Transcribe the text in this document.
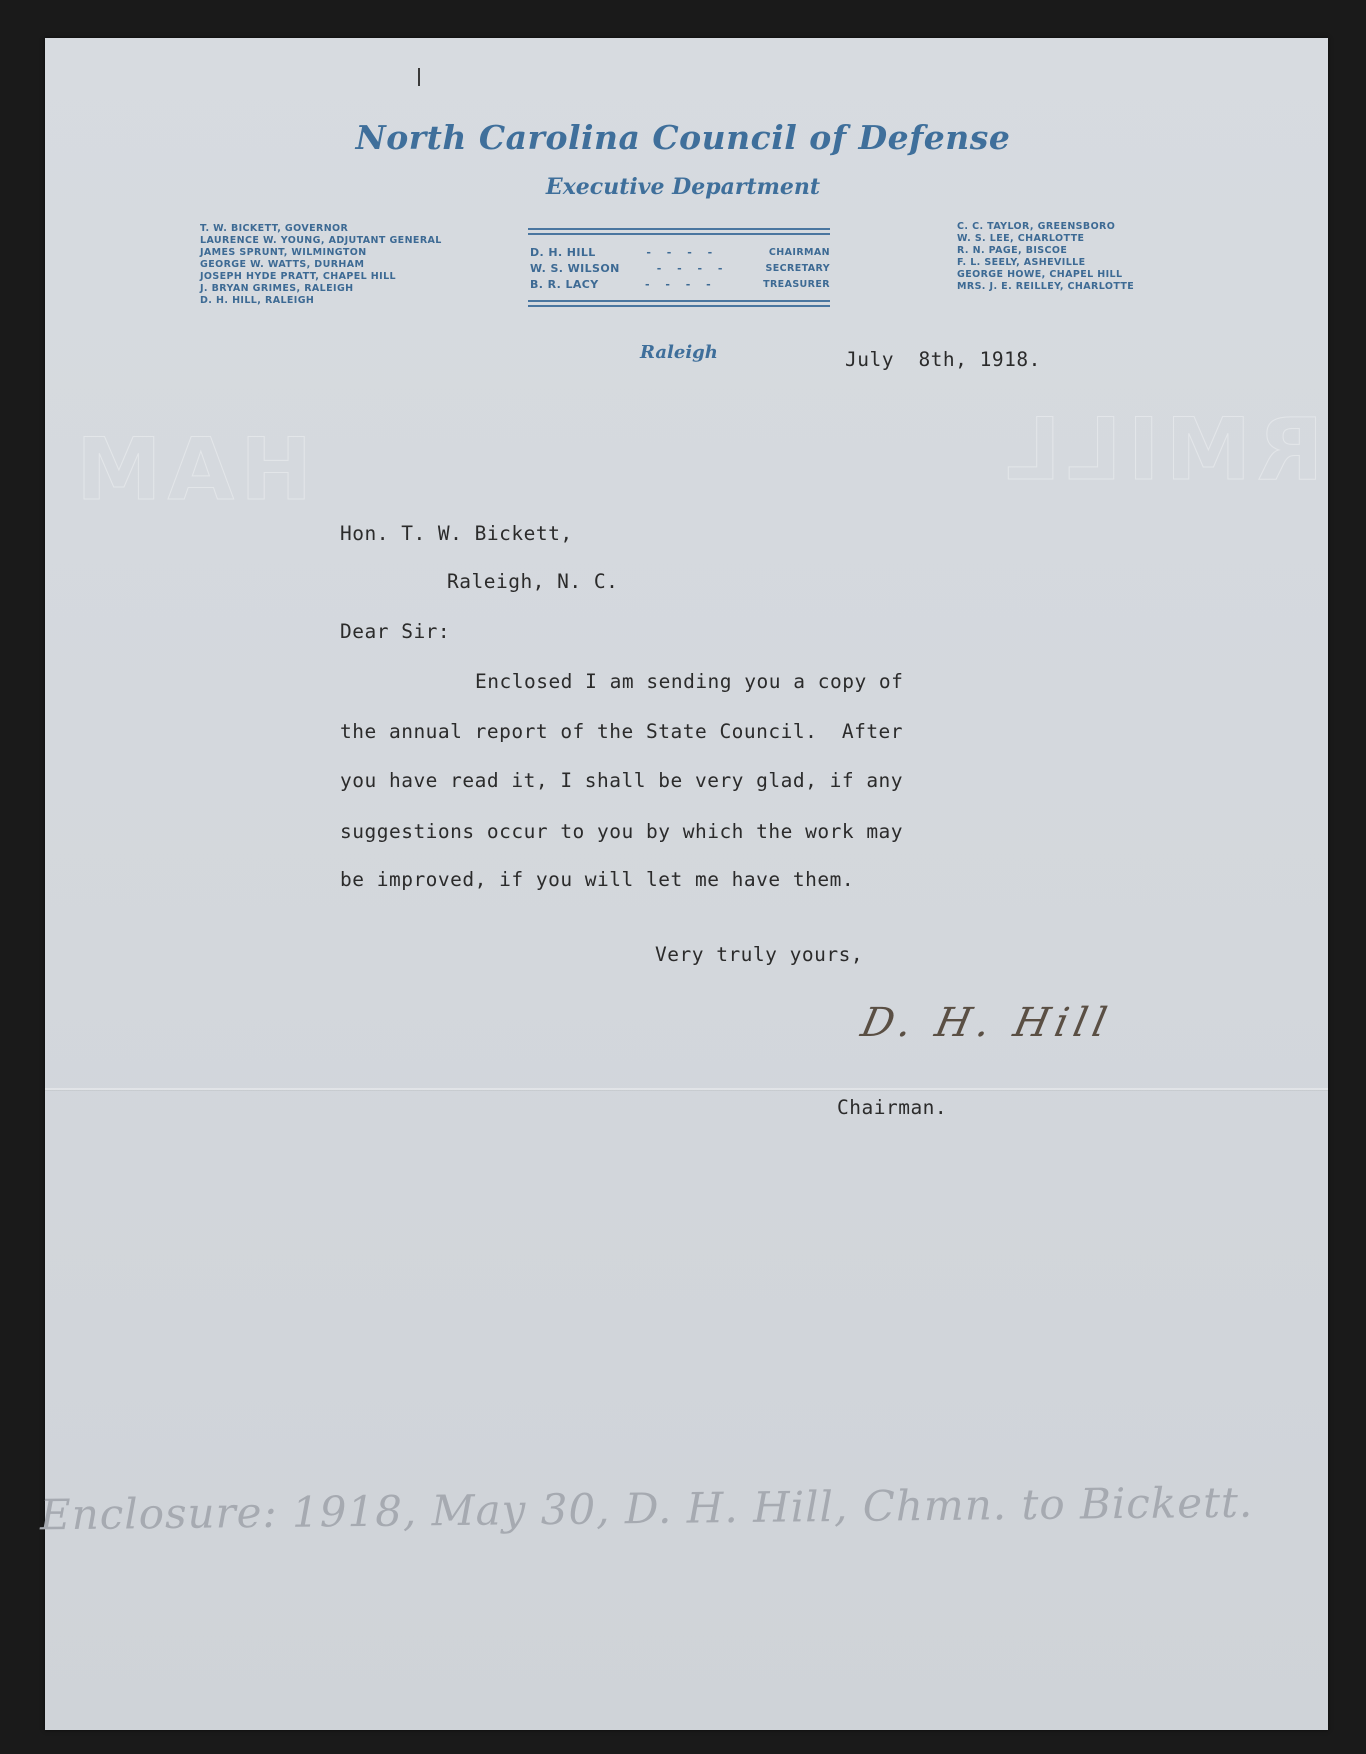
HAM	RMILL
North Carolina Council of Defense
Executive Department
T. W. BICKETT, GOVERNOR
LAURENCE W. YOUNG, ADJUTANT GENERAL
JAMES SPRUNT, WILMINGTON
GEORGE W. WATTS, DURHAM
JOSEPH HYDE PRATT, CHAPEL HILL
J. BRYAN GRIMES, RALEIGH
D. H. HILL, RALEIGH
D. H. HILL	- - - -	CHAIRMAN
W. S. WILSON	- - - -	SECRETARY
B. R. LACY	- - - -	TREASURER
C. C. TAYLOR, GREENSBORO
W. S. LEE, CHARLOTTE
R. N. PAGE, BISCOE
F. L. SEELY, ASHEVILLE
GEORGE HOWE, CHAPEL HILL
MRS. J. E. REILLEY, CHARLOTTE
Raleigh	July  8th, 1918.
Hon. T. W. Bickett,
Raleigh, N. C.
Dear Sir:
Enclosed I am sending you a copy of
the annual report of the State Council.  After
you have read it, I shall be very glad, if any
suggestions occur to you by which the work may
be improved, if you will let me have them.
Very truly yours,
D. H. Hill
Chairman.
Enclosure: 1918, May 30, D. H. Hill, Chmn. to Bickett.
